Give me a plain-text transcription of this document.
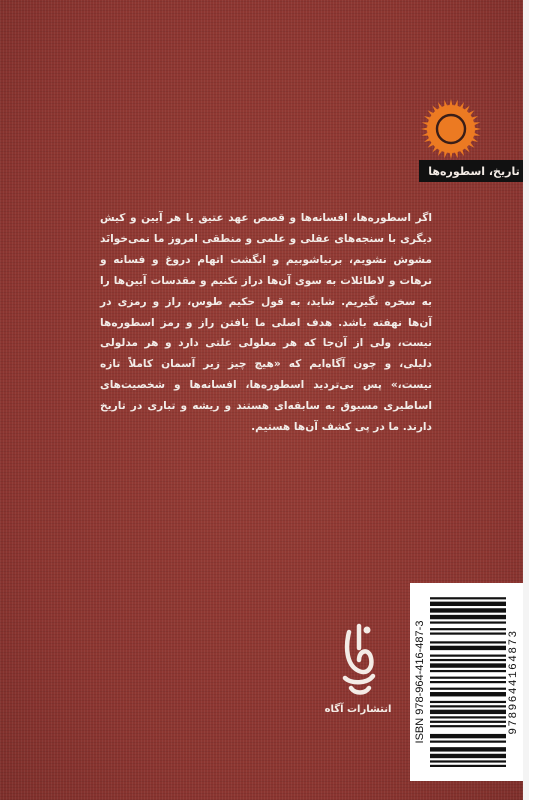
تاریخ، اسطوره‌ها

اگر اسطوره‌ها، افسانه‌ها و قصص عهد عتیق یا هر آیین و کیش دیگری با سنجه‌های عقلی و علمی و منطقی امروز ما نمی‌خوانَد مشوش نشویم، برنیاشوبیم و انگشت اتهام دروغ و فسانه و ترهات و لاطائلات به سوی آن‌ها دراز نکنیم و مقدسات آیین‌ها را به سخره نگیریم. شاید، به قول حکیم طوس، راز و رمزی در آن‌ها نهفته باشد. هدف اصلی ما یافتن راز و رمز اسطوره‌ها نیست، ولی از آن‌جا که هر معلولی علتی دارد و هر مدلولی دلیلی، و چون آگاه‌ایم که «هیچ چیز زیر آسمان کاملاً تازه نیست،» پس بی‌تردید اسطوره‌ها، افسانه‌ها و شخصیت‌های اساطیری مسبوق به سابقه‌ای هستند و ریشه و تباری در تاریخ دارند. ما در پی کشف آن‌ها هستیم.

انتشارات آگاه	ISBN 978-964-416-487-3	9789644164873
